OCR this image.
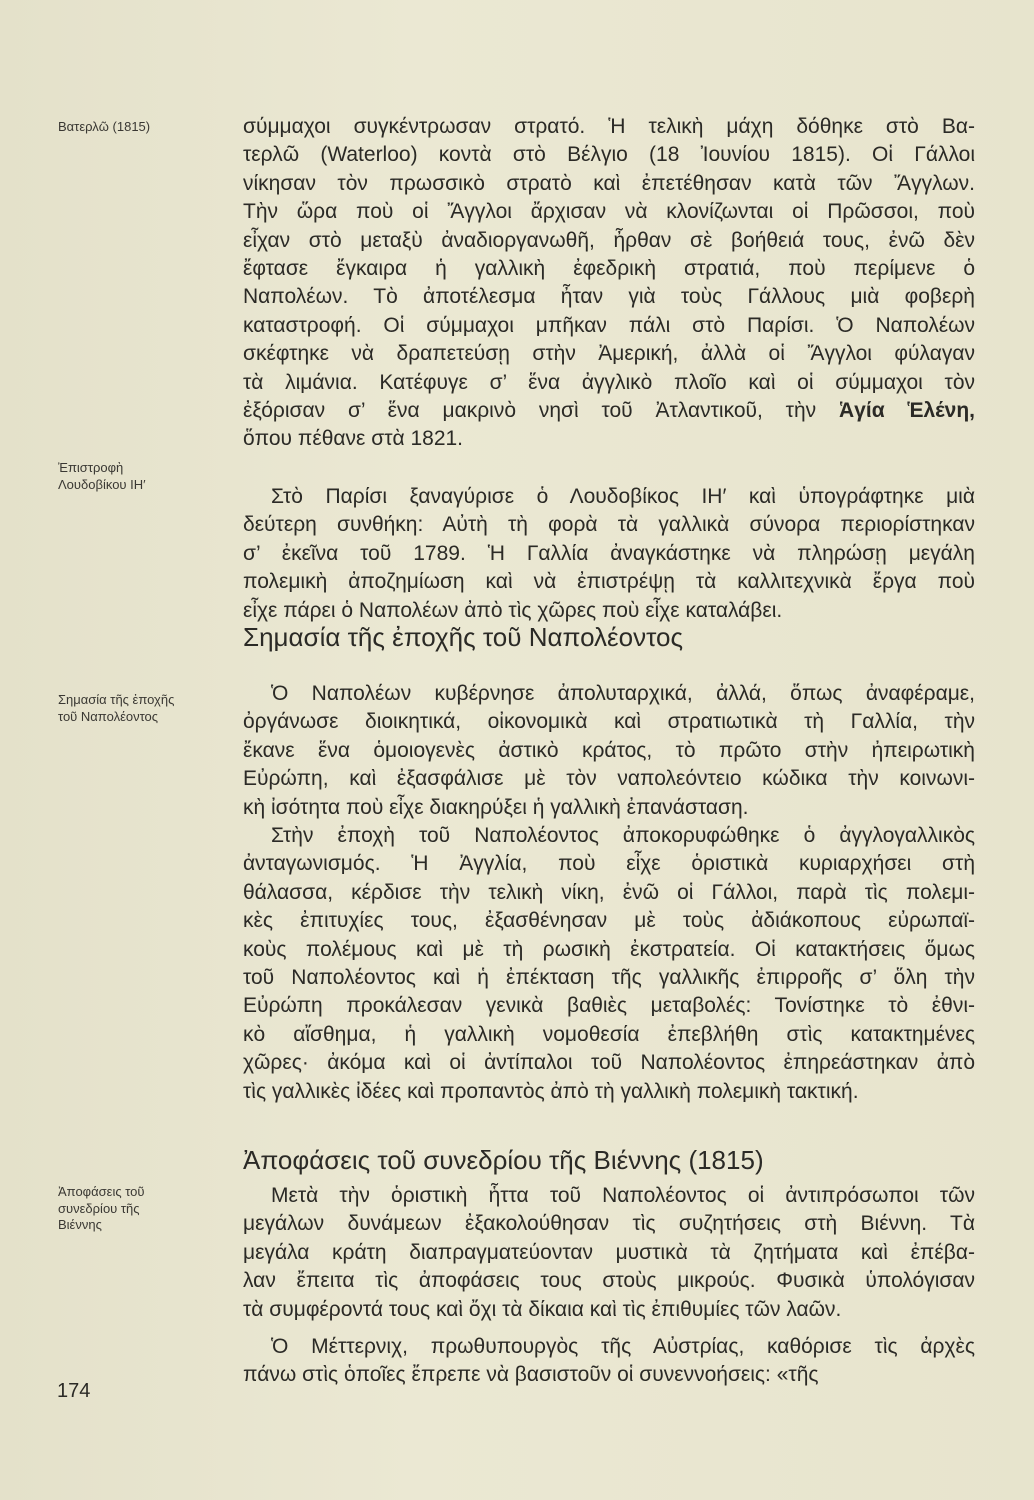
Βατερλῶ (1815)
Ἐπιστροφὴ
Λουδοβίκου ΙΗ′
Σημασία τῆς ἐποχῆς
τοῦ Ναπολέοντος
Ἀποφάσεις τοῦ
συνεδρίου τῆς
Βιέννης
σύμμαχοι συγκέντρωσαν στρατό. Ἡ τελικὴ μάχη δόθηκε στὸ Βα-
τερλῶ (Waterloo) κοντὰ στὸ Βέλγιο (18 Ἰουνίου 1815). Οἱ Γάλλοι
νίκησαν τὸν πρωσσικὸ στρατὸ καὶ ἐπετέθησαν κατὰ τῶν Ἄγγλων.
Τὴν ὥρα ποὺ οἱ Ἄγγλοι ἄρχισαν νὰ κλονίζωνται οἱ Πρῶσσοι, ποὺ
εἶχαν στὸ μεταξὺ ἀναδιοργανωθῆ, ἦρθαν σὲ βοήθειά τους, ἐνῶ δὲν
ἔφτασε ἔγκαιρα ἡ γαλλικὴ ἐφεδρικὴ στρατιά, ποὺ περίμενε ὁ
Ναπολέων. Τὸ ἀποτέλεσμα ἦταν γιὰ τοὺς Γάλλους μιὰ φοβερὴ
καταστροφή. Οἱ σύμμαχοι μπῆκαν πάλι στὸ Παρίσι. Ὁ Ναπολέων
σκέφτηκε νὰ δραπετεύσῃ στὴν Ἀμερική, ἀλλὰ οἱ Ἄγγλοι φύλαγαν
τὰ λιμάνια. Κατέφυγε σ’ ἕνα ἀγγλικὸ πλοῖο καὶ οἱ σύμμαχοι τὸν
ἐξόρισαν σ’ ἕνα μακρινὸ νησὶ τοῦ Ἀτλαντικοῦ, τὴν Ἁγία Ἑλένη,
ὅπου πέθανε στὰ 1821.
Στὸ Παρίσι ξαναγύρισε ὁ Λουδοβίκος ΙΗ′ καὶ ὑπογράφτηκε μιὰ
δεύτερη συνθήκη: Αὐτὴ τὴ φορὰ τὰ γαλλικὰ σύνορα περιορίστηκαν
σ’ ἐκεῖνα τοῦ 1789. Ἡ Γαλλία ἀναγκάστηκε νὰ πληρώσῃ μεγάλη
πολεμικὴ ἀποζημίωση καὶ νὰ ἐπιστρέψῃ τὰ καλλιτεχνικὰ ἔργα ποὺ
εἶχε πάρει ὁ Ναπολέων ἀπὸ τὶς χῶρες ποὺ εἶχε καταλάβει.
Σημασία τῆς ἐποχῆς τοῦ Ναπολέοντος
Ὁ Ναπολέων κυβέρνησε ἀπολυταρχικά, ἀλλά, ὅπως ἀναφέραμε,
ὀργάνωσε διοικητικά, οἰκονομικὰ καὶ στρατιωτικὰ τὴ Γαλλία, τὴν
ἔκανε ἕνα ὁμοιογενὲς ἀστικὸ κράτος, τὸ πρῶτο στὴν ἠπειρωτικὴ
Εὐρώπη, καὶ ἐξασφάλισε μὲ τὸν ναπολεόντειο κώδικα τὴν κοινωνι-
κὴ ἰσότητα ποὺ εἶχε διακηρύξει ἡ γαλλικὴ ἐπανάσταση.
Στὴν ἐποχὴ τοῦ Ναπολέοντος ἀποκορυφώθηκε ὁ ἀγγλογαλλικὸς
ἀνταγωνισμός. Ἡ Ἀγγλία, ποὺ εἶχε ὁριστικὰ κυριαρχήσει στὴ
θάλασσα, κέρδισε τὴν τελικὴ νίκη, ἐνῶ οἱ Γάλλοι, παρὰ τὶς πολεμι-
κὲς ἐπιτυχίες τους, ἐξασθένησαν μὲ τοὺς ἀδιάκοπους εὐρωπαϊ-
κοὺς πολέμους καὶ μὲ τὴ ρωσικὴ ἐκστρατεία. Οἱ κατακτήσεις ὅμως
τοῦ Ναπολέοντος καὶ ἡ ἐπέκταση τῆς γαλλικῆς ἐπιρροῆς σ’ ὅλη τὴν
Εὐρώπη προκάλεσαν γενικὰ βαθιὲς μεταβολές: Τονίστηκε τὸ ἐθνι-
κὸ αἴσθημα, ἡ γαλλικὴ νομοθεσία ἐπεβλήθη στὶς κατακτημένες
χῶρες· ἀκόμα καὶ οἱ ἀντίπαλοι τοῦ Ναπολέοντος ἐπηρεάστηκαν ἀπὸ
τὶς γαλλικὲς ἰδέες καὶ προπαντὸς ἀπὸ τὴ γαλλικὴ πολεμικὴ τακτική.
Ἀποφάσεις τοῦ συνεδρίου τῆς Βιέννης (1815)
Μετὰ τὴν ὁριστικὴ ἧττα τοῦ Ναπολέοντος οἱ ἀντιπρόσωποι τῶν
μεγάλων δυνάμεων ἐξακολούθησαν τὶς συζητήσεις στὴ Βιέννη. Τὰ
μεγάλα κράτη διαπραγματεύονταν μυστικὰ τὰ ζητήματα καὶ ἐπέβα-
λαν ἔπειτα τὶς ἀποφάσεις τους στοὺς μικρούς. Φυσικὰ ὑπολόγισαν
τὰ συμφέροντά τους καὶ ὄχι τὰ δίκαια καὶ τὶς ἐπιθυμίες τῶν λαῶν.
Ὁ Μέττερνιχ, πρωθυπουργὸς τῆς Αὐστρίας, καθόρισε τὶς ἀρχὲς
πάνω στὶς ὁποῖες ἔπρεπε νὰ βασιστοῦν οἱ συνεννοήσεις: «τῆς
174
